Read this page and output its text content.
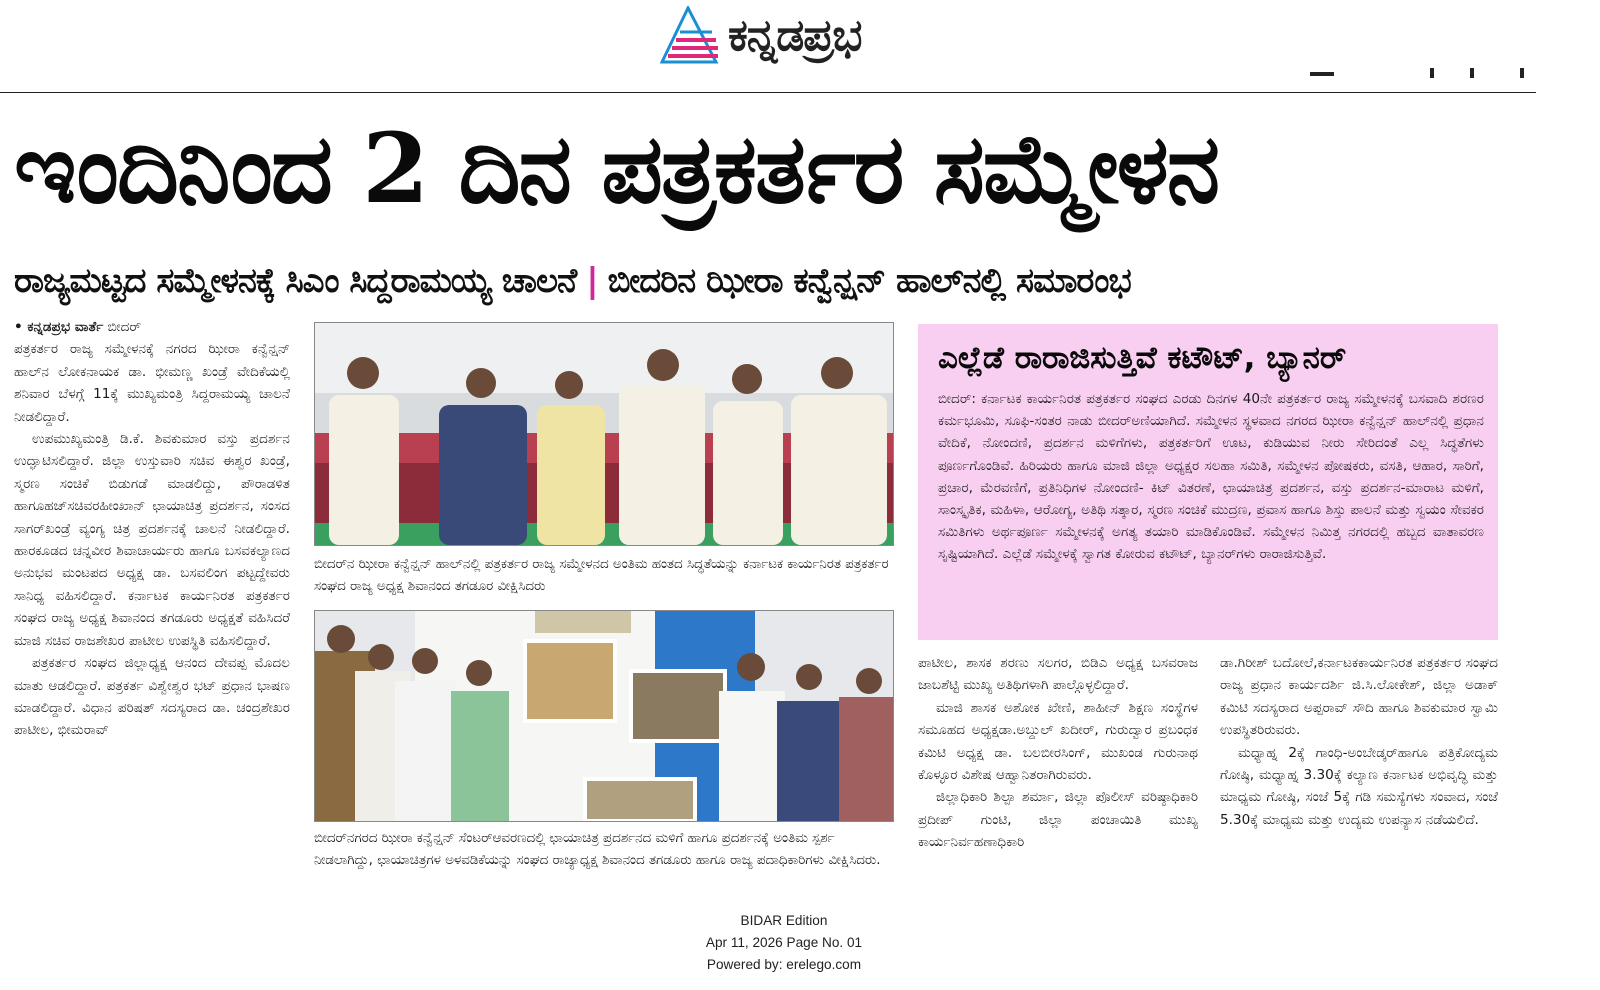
ಕನ್ನಡಪ್ರಭ
ಇಂದಿನಿಂದ 2 ದಿನ ಪತ್ರಕರ್ತರ ಸಮ್ಮೇಳನ
ರಾಜ್ಯಮಟ್ಟದ ಸಮ್ಮೇಳನಕ್ಕೆ ಸಿಎಂ ಸಿದ್ದರಾಮಯ್ಯ ಚಾಲನೆ | ಬೀದರಿನ ಝೀರಾ ಕನ್ವೆನ್ಷನ್ ಹಾಲ್‌ನಲ್ಲಿ ಸಮಾರಂಭ
• ಕನ್ನಡಪ್ರಭ ವಾರ್ತೆ ಬೀದರ್

ಪತ್ರಕರ್ತರ ರಾಜ್ಯ ಸಮ್ಮೇಳನಕ್ಕೆ ನಗರದ ಝೀರಾ ಕನ್ವೆನ್ಷನ್ ಹಾಲ್‌ನ ಲೋಕನಾಯಕ ಡಾ. ಭೀಮಣ್ಣ ಖಂಡ್ರೆ ವೇದಿಕೆಯಲ್ಲಿ ಶನಿವಾರ ಬೆಳಗ್ಗೆ 11ಕ್ಕೆ ಮುಖ್ಯಮಂತ್ರಿ ಸಿದ್ದರಾಮಯ್ಯ ಚಾಲನೆ ನೀಡಲಿದ್ದಾರೆ.

ಉಪಮುಖ್ಯಮಂತ್ರಿ ಡಿ.ಕೆ. ಶಿವಕುಮಾರ ವಸ್ತು ಪ್ರದರ್ಶನ ಉದ್ಘಾಟಿಸಲಿದ್ದಾರೆ. ಜಿಲ್ಲಾ ಉಸ್ತುವಾರಿ ಸಚಿವ ಈಶ್ವರ ಖಂಡ್ರೆ, ಸ್ಮರಣ ಸಂಚಿಕೆ ಬಿಡುಗಡೆ ಮಾಡಲಿದ್ದು, ಪೌರಾಡಳಿತ ಹಾಗೂಹಜ್‌ಸಚಿವರಹೀಂಖಾನ್ ಛಾಯಾಚಿತ್ರ ಪ್ರದರ್ಶನ, ಸಂಸದ ಸಾಗರ್‌ಖಂಡ್ರೆ ವ್ಯಂಗ್ಯ ಚಿತ್ರ ಪ್ರದರ್ಶನಕ್ಕೆ ಚಾಲನೆ ನೀಡಲಿದ್ದಾರೆ. ಹಾರಕೂಡದ ಚನ್ನವೀರ ಶಿವಾಚಾರ್ಯರು ಹಾಗೂ ಬಸವಕಲ್ಯಾಣದ ಅನುಭವ ಮಂಟಪದ ಅಧ್ಯಕ್ಷ ಡಾ. ಬಸವಲಿಂಗ ಪಟ್ಟದ್ದೇವರು ಸಾನಿಧ್ಯ ವಹಿಸಲಿದ್ದಾರೆ. ಕರ್ನಾಟಕ ಕಾರ್ಯನಿರತ ಪತ್ರಕರ್ತರ ಸಂಘದ ರಾಜ್ಯ ಅಧ್ಯಕ್ಷ ಶಿವಾನಂದ ತಗಡೂರು ಅಧ್ಯಕ್ಷತೆ ವಹಿಸಿದರೆ ಮಾಜಿ ಸಚಿವ ರಾಜಶೇಖರ ಪಾಟೀಲ ಉಪಸ್ಥಿತಿ ವಹಿಸಲಿದ್ದಾರೆ.

ಪತ್ರಕರ್ತರ ಸಂಘದ ಜಿಲ್ಲಾಧ್ಯಕ್ಷ ಆನಂದ ದೇವಪ್ಪ ಮೊದಲ ಮಾತು ಆಡಲಿದ್ದಾರೆ. ಪತ್ರಕರ್ತ ವಿಶ್ವೇಶ್ವರ ಭಟ್ ಪ್ರಧಾನ ಭಾಷಣ ಮಾಡಲಿದ್ದಾರೆ. ವಿಧಾನ ಪರಿಷತ್ ಸದಸ್ಯರಾದ ಡಾ. ಚಂದ್ರಶೇಖರ ಪಾಟೀಲ, ಭೀಮರಾವ್

ಬೀದರ್‌ನ ಝೀರಾ ಕನ್ವೆನ್ಷನ್ ಹಾಲ್‌ನಲ್ಲಿ ಪತ್ರಕರ್ತರ ರಾಜ್ಯ ಸಮ್ಮೇಳನದ ಅಂತಿಮ ಹಂತದ ಸಿದ್ಧತೆಯನ್ನು ಕರ್ನಾಟಕ ಕಾರ್ಯನಿರತ ಪತ್ರಕರ್ತರ ಸಂಘದ ರಾಜ್ಯ ಅಧ್ಯಕ್ಷ ಶಿವಾನಂದ ತಗಡೂರ ವೀಕ್ಷಿಸಿದರು
ಬೀದರ್‌ನಗರದ ಝೀರಾ ಕನ್ವೆನ್ಷನ್ ಸೆಂಟರ್‌ಆವರಣದಲ್ಲಿ ಛಾಯಾಚಿತ್ರ ಪ್ರದರ್ಶನದ ಮಳಿಗೆ ಹಾಗೂ ಪ್ರದರ್ಶನಕ್ಕೆ ಅಂತಿಮ ಸ್ಪರ್ಶ ನೀಡಲಾಗಿದ್ದು, ಛಾಯಾಚಿತ್ರಗಳ ಅಳವಡಿಕೆಯನ್ನು ಸಂಘದ ರಾಜ್ಯಾಧ್ಯಕ್ಷ ಶಿವಾನಂದ ತಗಡೂರು ಹಾಗೂ ರಾಜ್ಯ ಪದಾಧಿಕಾರಿಗಳು ವೀಕ್ಷಿಸಿದರು.
ಎಲ್ಲೆಡೆ ರಾರಾಜಿಸುತ್ತಿವೆ ಕಟೌಟ್, ಬ್ಯಾನರ್
ಬೀದರ್: ಕರ್ನಾಟಕ ಕಾರ್ಯನಿರತ ಪತ್ರಕರ್ತರ ಸಂಘದ ಎರಡು ದಿನಗಳ 40ನೇ ಪತ್ರಕರ್ತರ ರಾಜ್ಯ ಸಮ್ಮೇಳನಕ್ಕೆ ಬಸವಾದಿ ಶರಣರ ಕರ್ಮಭೂಮಿ, ಸೂಫಿ-ಸಂತರ ನಾಡು ಬೀದರ್‌ಅಣಿಯಾಗಿದೆ. ಸಮ್ಮೇಳನ ಸ್ಥಳವಾದ ನಗರದ ಝೀರಾ ಕನ್ವೆನ್ಷನ್ ಹಾಲ್‌ನಲ್ಲಿ ಪ್ರಧಾನ ವೇದಿಕೆ, ನೋಂದಣಿ, ಪ್ರದರ್ಶನ ಮಳಿಗೆಗಳು, ಪತ್ರಕರ್ತರಿಗೆ ಊಟ, ಕುಡಿಯುವ ನೀರು ಸೇರಿದಂತೆ ಎಲ್ಲ ಸಿದ್ಧತೆಗಳು ಪೂರ್ಣಗೊಂಡಿವೆ. ಹಿರಿಯರು ಹಾಗೂ ಮಾಜಿ ಜಿಲ್ಲಾ ಅಧ್ಯಕ್ಷರ ಸಲಹಾ ಸಮಿತಿ, ಸಮ್ಮೇಳನ ಪೋಷಕರು, ವಸತಿ, ಆಹಾರ, ಸಾರಿಗೆ, ಪ್ರಚಾರ, ಮೆರವಣಿಗೆ, ಪ್ರತಿನಿಧಿಗಳ ನೋಂದಣಿ- ಕಿಟ್ ವಿತರಣೆ, ಛಾಯಾಚಿತ್ರ ಪ್ರದರ್ಶನ, ವಸ್ತು ಪ್ರದರ್ಶನ-ಮಾರಾಟ ಮಳಿಗೆ, ಸಾಂಸ್ಕೃತಿಕ, ಮಹಿಳಾ, ಆರೋಗ್ಯ, ಅತಿಥಿ ಸತ್ಕಾರ, ಸ್ಮರಣ ಸಂಚಿಕೆ ಮುದ್ರಣ, ಪ್ರವಾಸ ಹಾಗೂ ಶಿಸ್ತು ಪಾಲನೆ ಮತ್ತು ಸ್ವಯಂ ಸೇವಕರ ಸಮಿತಿಗಳು ಅರ್ಥಪೂರ್ಣ ಸಮ್ಮೇಳನಕ್ಕೆ ಅಗತ್ಯ ತಯಾರಿ ಮಾಡಿಕೊಂಡಿವೆ. ಸಮ್ಮೇಳನ ನಿಮಿತ್ತ ನಗರದಲ್ಲಿ ಹಬ್ಬದ ವಾತಾವರಣ ಸೃಷ್ಟಿಯಾಗಿದೆ. ಎಲ್ಲೆಡೆ ಸಮ್ಮೇಳಕ್ಕೆ ಸ್ವಾಗತ ಕೋರುವ ಕಟೌಟ್, ಬ್ಯಾನರ್‌ಗಳು ರಾರಾಜಿಸುತ್ತಿವೆ.

ಪಾಟೀಲ, ಶಾಸಕ ಶರಣು ಸಲಗರ, ಬಿಡಿಎ ಅಧ್ಯಕ್ಷ ಬಸವರಾಜ ಜಾಬಶೆಟ್ಟಿ ಮುಖ್ಯ ಅತಿಥಿಗಳಾಗಿ ಪಾಲ್ಗೊಳ್ಳಲಿದ್ದಾರೆ.

ಮಾಜಿ ಶಾಸಕ ಅಶೋಕ ಖೇಣಿ, ಶಾಹೀನ್ ಶಿಕ್ಷಣ ಸಂಸ್ಥೆಗಳ ಸಮೂಹದ ಅಧ್ಯಕ್ಷಡಾ.ಅಬ್ದುಲ್ ಖದೀರ್, ಗುರುದ್ವಾರ ಪ್ರಬಂಧಕ ಕಮಿಟಿ ಅಧ್ಯಕ್ಷ ಡಾ. ಬಲಬೀರಸಿಂಗ್, ಮುಖಂಡ ಗುರುನಾಥ ಕೊಳ್ಳೂರ ವಿಶೇಷ ಆಹ್ವಾನಿತರಾಗಿರುವರು.

ಜಿಲ್ಲಾಧಿಕಾರಿ ಶಿಲ್ಪಾ ಶರ್ಮಾ, ಜಿಲ್ಲಾ ಪೊಲೀಸ್ ವರಿಷ್ಠಾಧಿಕಾರಿ ಪ್ರದೀಪ್ ಗುಂಟಿ, ಜಿಲ್ಲಾ ಪಂಚಾಯಿತಿ ಮುಖ್ಯ ಕಾರ್ಯನಿರ್ವಹಣಾಧಿಕಾರಿ

ಡಾ.ಗಿರೀಶ್ ಬದೋಲೆ,ಕರ್ನಾಟಕಕಾರ್ಯನಿರತ ಪತ್ರಕರ್ತರ ಸಂಘದ ರಾಜ್ಯ ಪ್ರಧಾನ ಕಾರ್ಯದರ್ಶಿ ಜಿ.ಸಿ.ಲೋಕೇಶ್, ಜಿಲ್ಲಾ ಅಡಾಕ್ ಕಮಿಟಿ ಸದಸ್ಯರಾದ ಅಪ್ಪರಾವ್ ಸೌದಿ ಹಾಗೂ ಶಿವಕುಮಾರ ಸ್ವಾಮಿ ಉಪಸ್ಥಿತರಿರುವರು.

ಮಧ್ಯಾಹ್ನ 2ಕ್ಕೆ ಗಾಂಧಿ-ಅಂಬೇಡ್ಕರ್‌ಹಾಗೂ ಪತ್ರಿಕೋದ್ಯಮ ಗೋಷ್ಠಿ, ಮಧ್ಯಾಹ್ನ 3.30ಕ್ಕೆ ಕಲ್ಯಾಣ ಕರ್ನಾಟಕ ಅಭಿವೃದ್ಧಿ ಮತ್ತು ಮಾಧ್ಯಮ ಗೋಷ್ಠಿ, ಸಂಜೆ 5ಕ್ಕೆ ಗಡಿ ಸಮಸ್ಯೆಗಳು ಸಂವಾದ, ಸಂಜೆ 5.30ಕ್ಕೆ ಮಾಧ್ಯಮ ಮತ್ತು ಉದ್ಯಮ ಉಪನ್ಯಾಸ ನಡೆಯಲಿದೆ.

BIDAR Edition
Apr 11, 2026 Page No. 01
Powered by: erelego.com
